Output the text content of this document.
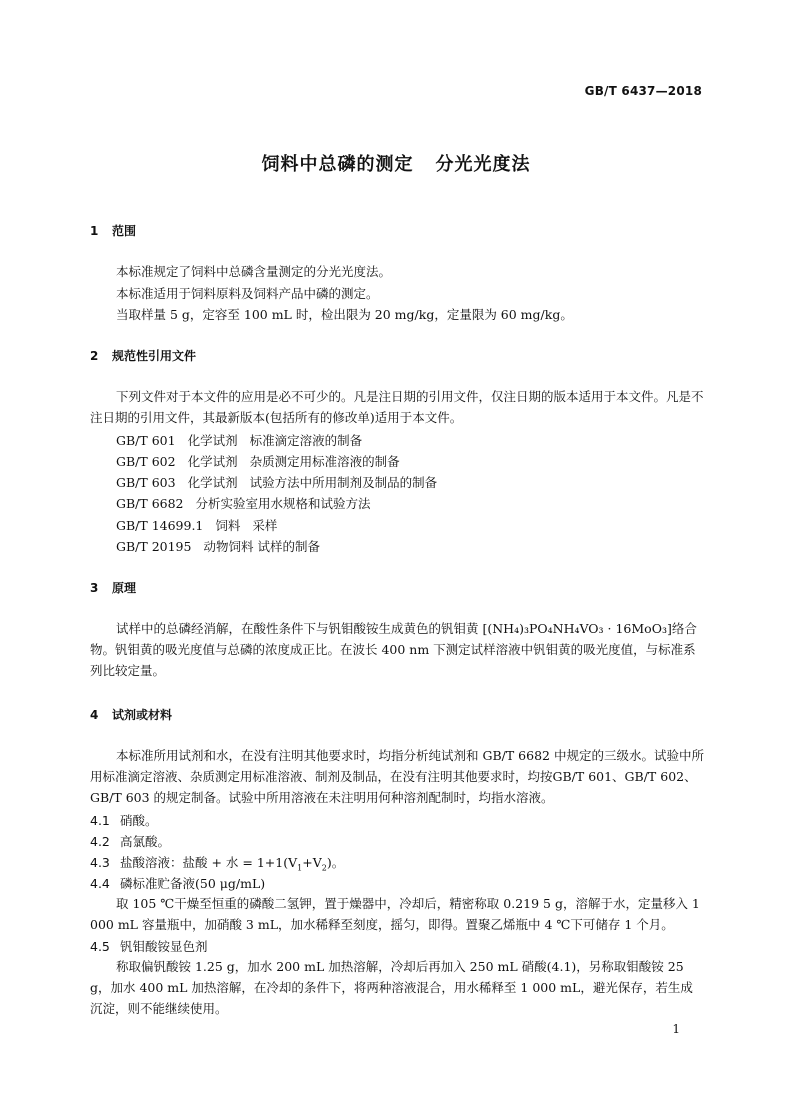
GB/T 6437—2018
饲料中总磷的测定 分光光度法
1 范围
本标准规定了饲料中总磷含量测定的分光光度法。
本标准适用于饲料原料及饲料产品中磷的测定。
当取样量 5 g，定容至 100 mL 时，检出限为 20 mg/kg，定量限为 60 mg/kg。
2 规范性引用文件
下列文件对于本文件的应用是必不可少的。凡是注日期的引用文件，仅注日期的版本适用于本文件。凡是不注日期的引用文件，其最新版本(包括所有的修改单)适用于本文件。
GB/T 601 化学试剂 标准滴定溶液的制备
GB/T 602 化学试剂 杂质测定用标准溶液的制备
GB/T 603 化学试剂 试验方法中所用制剂及制品的制备
GB/T 6682 分析实验室用水规格和试验方法
GB/T 14699.1 饲料 采样
GB/T 20195 动物饲料 试样的制备
3 原理
试样中的总磷经消解，在酸性条件下与钒钼酸铵生成黄色的钒钼黄 [(NH₄)₃PO₄NH₄VO₃ · 16MoO₃]络合物。钒钼黄的吸光度值与总磷的浓度成正比。在波长 400 nm 下测定试样溶液中钒钼黄的吸光度值，与标准系列比较定量。
4 试剂或材料
本标准所用试剂和水，在没有注明其他要求时，均指分析纯试剂和 GB/T 6682 中规定的三级水。试验中所用标准滴定溶液、杂质测定用标准溶液、制剂及制品，在没有注明其他要求时，均按GB/T 601、GB/T 602、GB/T 603 的规定制备。试验中所用溶液在未注明用何种溶剂配制时，均指水溶液。
4.1 硝酸。
4.2 高氯酸。
4.3 盐酸溶液：盐酸 + 水 = $1+1(V_1+V_2)$。
4.4 磷标准贮备液(50 μg/mL)
取 105 ℃干燥至恒重的磷酸二氢钾，置于燥器中，冷却后，精密称取 0.219 5 g，溶解于水，定量移入 1 000 mL 容量瓶中，加硝酸 3 mL，加水稀释至刻度，摇匀，即得。置聚乙烯瓶中 4 ℃下可储存 1 个月。
4.5 钒钼酸铵显色剂
称取偏钒酸铵 1.25 g，加水 200 mL 加热溶解，冷却后再加入 250 mL 硝酸(4.1)，另称取钼酸铵 25 g，加水 400 mL 加热溶解，在冷却的条件下，将两种溶液混合，用水稀释至 1 000 mL，避光保存，若生成沉淀，则不能继续使用。
1
